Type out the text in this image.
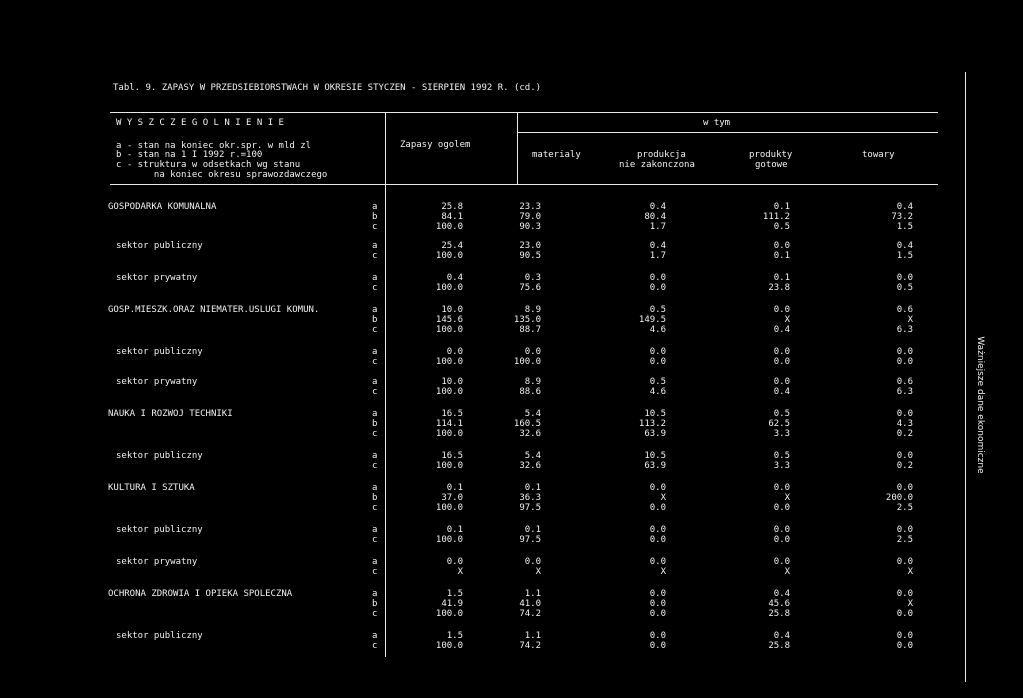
Tabl. 9. ZAPASY W PRZEDSIEBIORSTWACH W OKRESIE STYCZEN - SIERPIEN 1992 R. (cd.)
W Y S Z C Z E G O L N I E N I E
a - stan na koniec okr.spr. w mld zl
b - stan na 1 I 1992 r.=100
c - struktura w odsetkach wg stanu
na koniec okresu sprawozdawczego
Zapasy ogolem
w tym
materialy	produkcja
nie zakonczona
produkty
gotowe
towary
Ważniejsze dane ekonomiczne
GOSPODARKA KOMUNALNA	a	25.8	23.3	0.4	0.1	0.4
b	84.1	79.0	80.4	111.2	73.2
c	100.0	90.3	1.7	0.5	1.5
sektor publiczny	a	25.4	23.0	0.4	0.0	0.4
c	100.0	90.5	1.7	0.1	1.5
sektor prywatny	a	0.4	0.3	0.0	0.1	0.0
c	100.0	75.6	0.0	23.8	0.5
GOSP.MIESZK.ORAZ NIEMATER.USLUGI KOMUN.	a	10.0	8.9	0.5	0.0	0.6
b	145.6	135.0	149.5	X	X
c	100.0	88.7	4.6	0.4	6.3
sektor publiczny	a	0.0	0.0	0.0	0.0	0.0
c	100.0	100.0	0.0	0.0	0.0
sektor prywatny	a	10.0	8.9	0.5	0.0	0.6
c	100.0	88.6	4.6	0.4	6.3
NAUKA I ROZWOJ TECHNIKI	a	16.5	5.4	10.5	0.5	0.0
b	114.1	160.5	113.2	62.5	4.3
c	100.0	32.6	63.9	3.3	0.2
sektor publiczny	a	16.5	5.4	10.5	0.5	0.0
c	100.0	32.6	63.9	3.3	0.2
KULTURA I SZTUKA	a	0.1	0.1	0.0	0.0	0.0
b	37.0	36.3	X	X	200.0
c	100.0	97.5	0.0	0.0	2.5
sektor publiczny	a	0.1	0.1	0.0	0.0	0.0
c	100.0	97.5	0.0	0.0	2.5
sektor prywatny	a	0.0	0.0	0.0	0.0	0.0
c	X	X	X	X	X
OCHRONA ZDROWIA I OPIEKA SPOLECZNA	a	1.5	1.1	0.0	0.4	0.0
b	41.9	41.0	0.0	45.6	X
c	100.0	74.2	0.0	25.8	0.0
sektor publiczny	a	1.5	1.1	0.0	0.4	0.0
c	100.0	74.2	0.0	25.8	0.0
